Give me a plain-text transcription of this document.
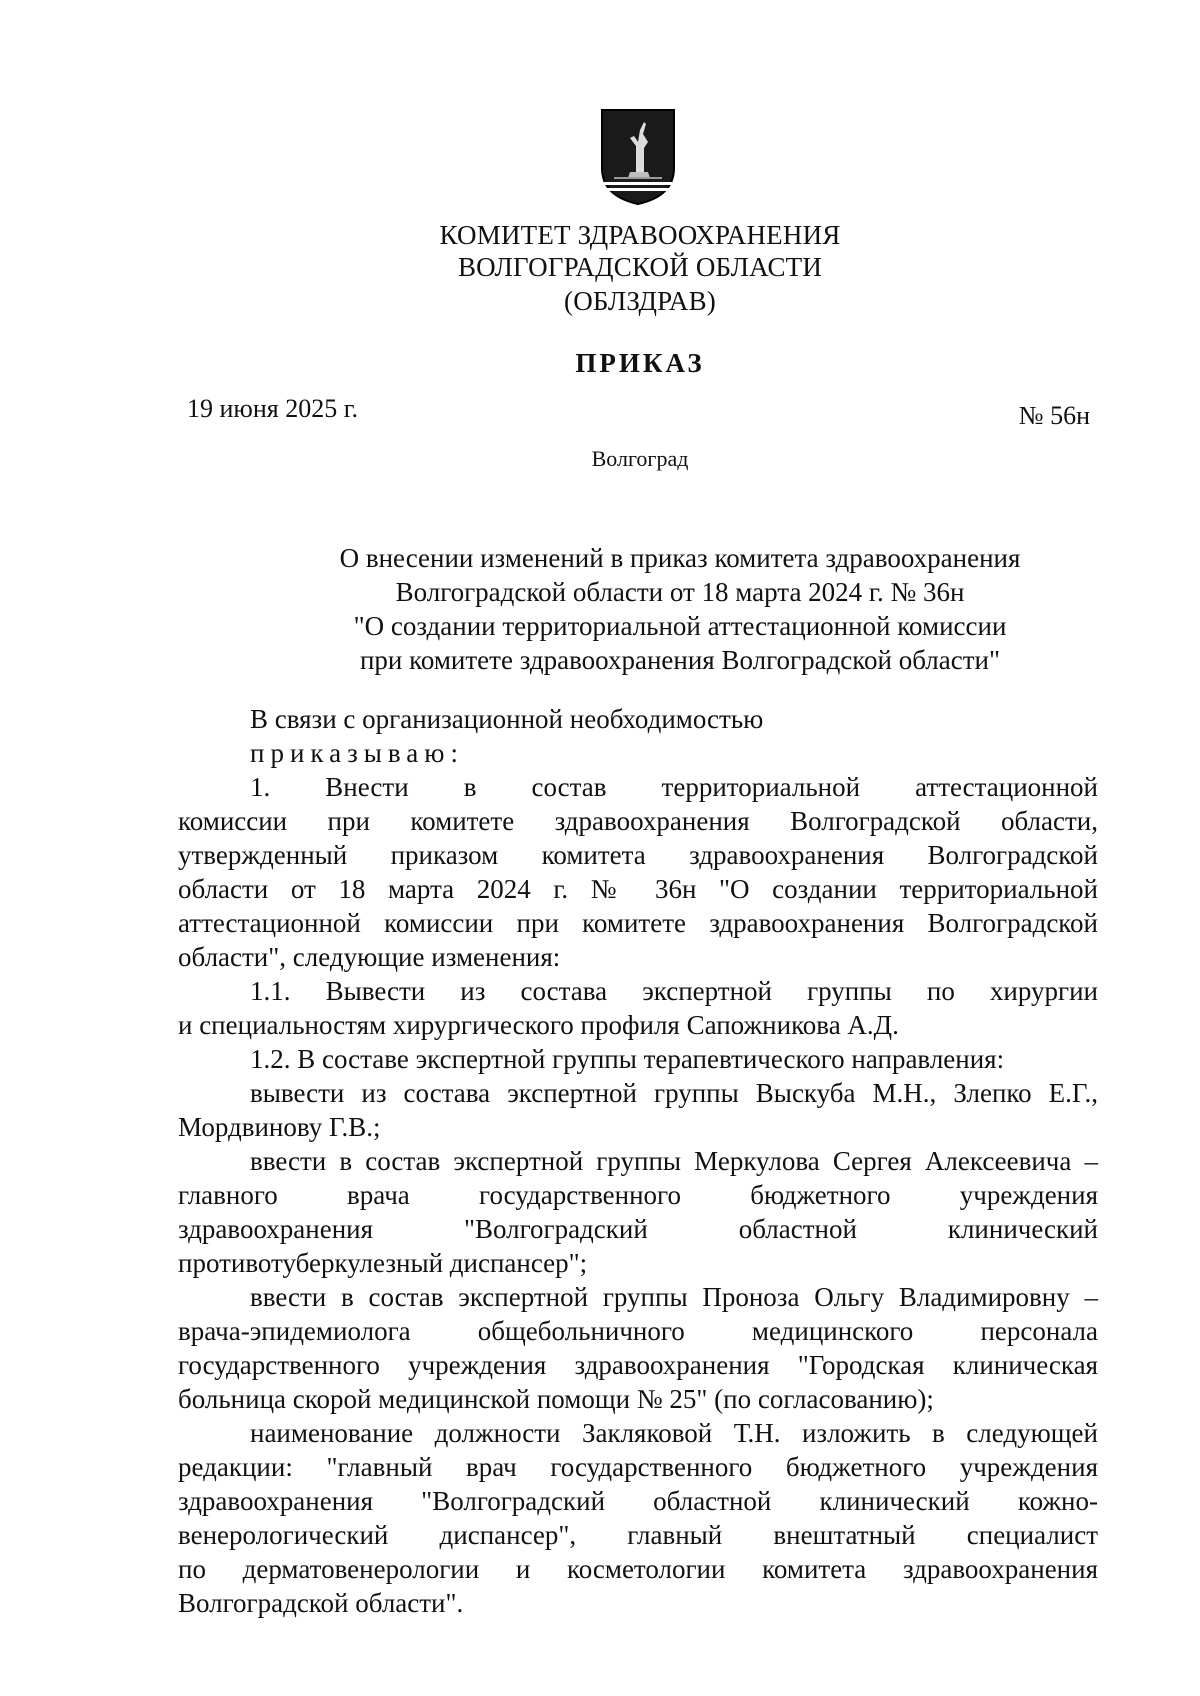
КОМИТЕТ ЗДРАВООХРАНЕНИЯ
ВОЛГОГРАДСКОЙ ОБЛАСТИ
(ОБЛЗДРАВ)
ПРИКАЗ
19 июня 2025 г.	№ 56н
Волгоград
О внесении изменений в приказ комитета здравоохранения
Волгоградской области от 18 марта 2024 г. № 36н
"О создании территориальной аттестационной комиссии
при комитете здравоохранения Волгоградской области"
В связи с организационной необходимостью
приказываю:
1. Внести в состав территориальной аттестационной
комиссии при комитете здравоохранения Волгоградской области,
утвержденный приказом комитета здравоохранения Волгоградской
области от 18 марта 2024 г. № 36н "О создании территориальной
аттестационной комиссии при комитете здравоохранения Волгоградской
области", следующие изменения:
1.1. Вывести из состава экспертной группы по хирургии
и специальностям хирургического профиля Сапожникова А.Д.
1.2. В составе экспертной группы терапевтического направления:
вывести из состава экспертной группы Выскуба М.Н., Злепко Е.Г.,
Мордвинову Г.В.;
ввести в состав экспертной группы Меркулова Сергея Алексеевича –
главного врача государственного бюджетного учреждения
здравоохранения "Волгоградский областной клинический
противотуберкулезный диспансер";
ввести в состав экспертной группы Проноза Ольгу Владимировну –
врача-эпидемиолога общебольничного медицинского персонала
государственного учреждения здравоохранения "Городская клиническая
больница скорой медицинской помощи № 25" (по согласованию);
наименование должности Закляковой Т.Н. изложить в следующей
редакции: "главный врач государственного бюджетного учреждения
здравоохранения "Волгоградский областной клинический кожно-
венерологический диспансер", главный внештатный специалист
по дерматовенерологии и косметологии комитета здравоохранения
Волгоградской области".
